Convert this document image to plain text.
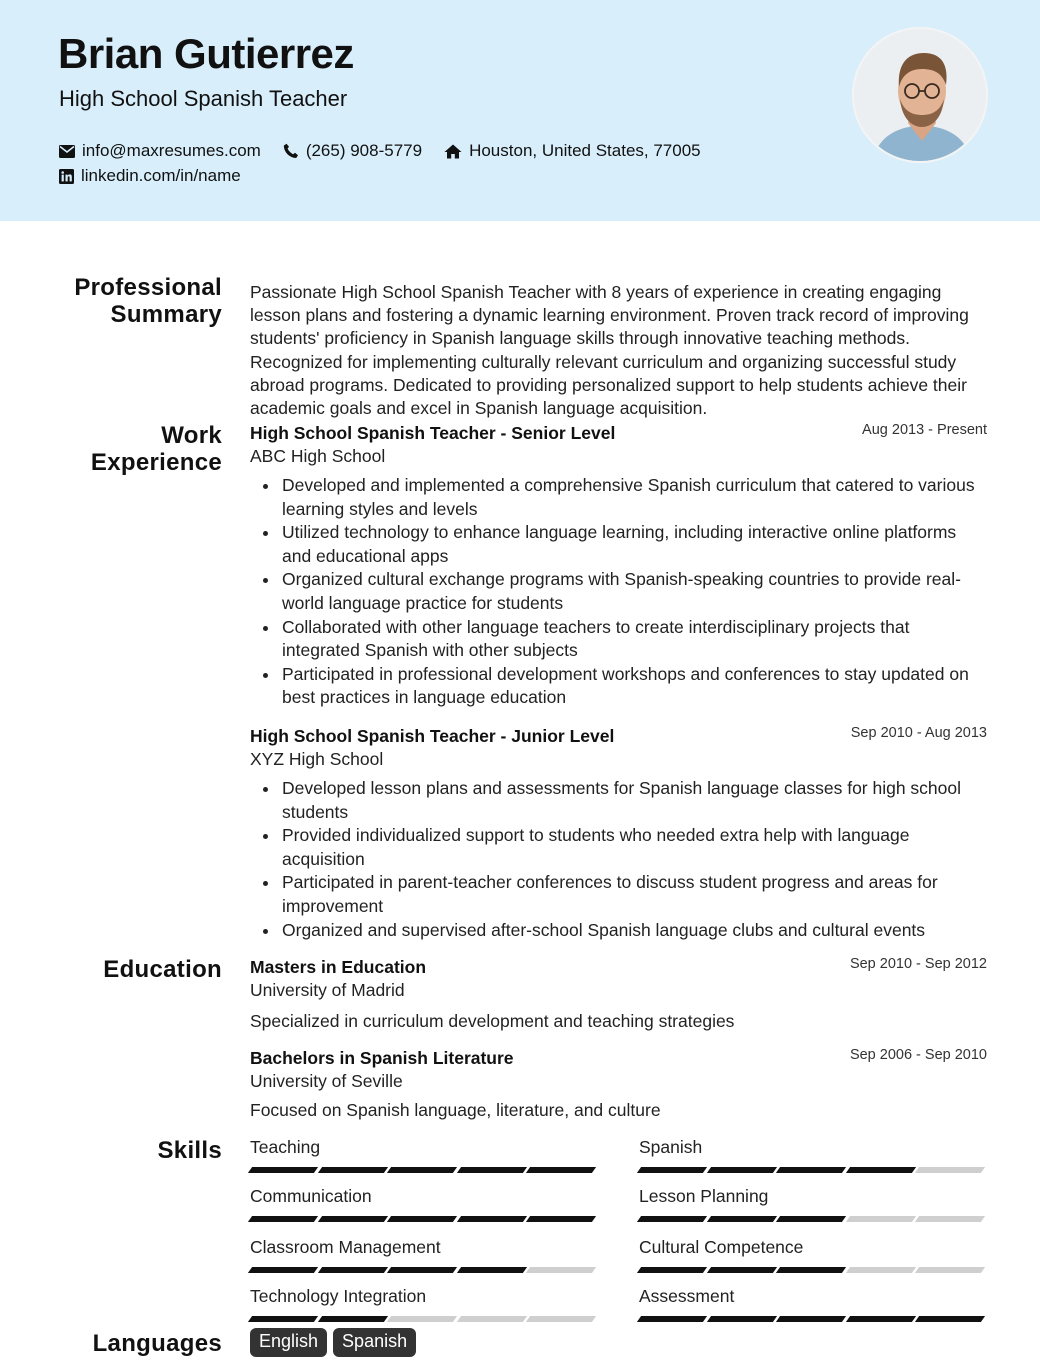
Brian Gutierrez
High School Spanish Teacher
info@maxresumes.com	(265) 908-5779	Houston, United States, 77005
linkedin.com/in/name
Professional
Summary
Passionate High School Spanish Teacher with 8 years of experience in creating engaging lesson plans and fostering a dynamic learning environment. Proven track record of improving students' proficiency in Spanish language skills through innovative teaching methods. Recognized for implementing culturally relevant curriculum and organizing successful study abroad programs. Dedicated to providing personalized support to help students achieve their academic goals and excel in Spanish language acquisition.
Work
Experience
High School Spanish Teacher - Senior Level	Aug 2013 - Present
ABC High School
Developed and implemented a comprehensive Spanish curriculum that catered to various learning styles and levels
Utilized technology to enhance language learning, including interactive online platforms and educational apps
Organized cultural exchange programs with Spanish-speaking countries to provide real-world language practice for students
Collaborated with other language teachers to create interdisciplinary projects that integrated Spanish with other subjects
Participated in professional development workshops and conferences to stay updated on best practices in language education
High School Spanish Teacher - Junior Level	Sep 2010 - Aug 2013
XYZ High School
Developed lesson plans and assessments for Spanish language classes for high school students
Provided individualized support to students who needed extra help with language acquisition
Participated in parent-teacher conferences to discuss student progress and areas for improvement
Organized and supervised after-school Spanish language clubs and cultural events
Education Masters in Education	Sep 2010 - Sep 2012
University of Madrid
Specialized in curriculum development and teaching strategies
Bachelors in Spanish Literature	Sep 2006 - Sep 2010
University of Seville
Focused on Spanish language, literature, and culture
Skills Teaching	Spanish
Communication	Lesson Planning
Classroom Management	Cultural Competence
Technology Integration	Assessment
Languages	English	Spanish
